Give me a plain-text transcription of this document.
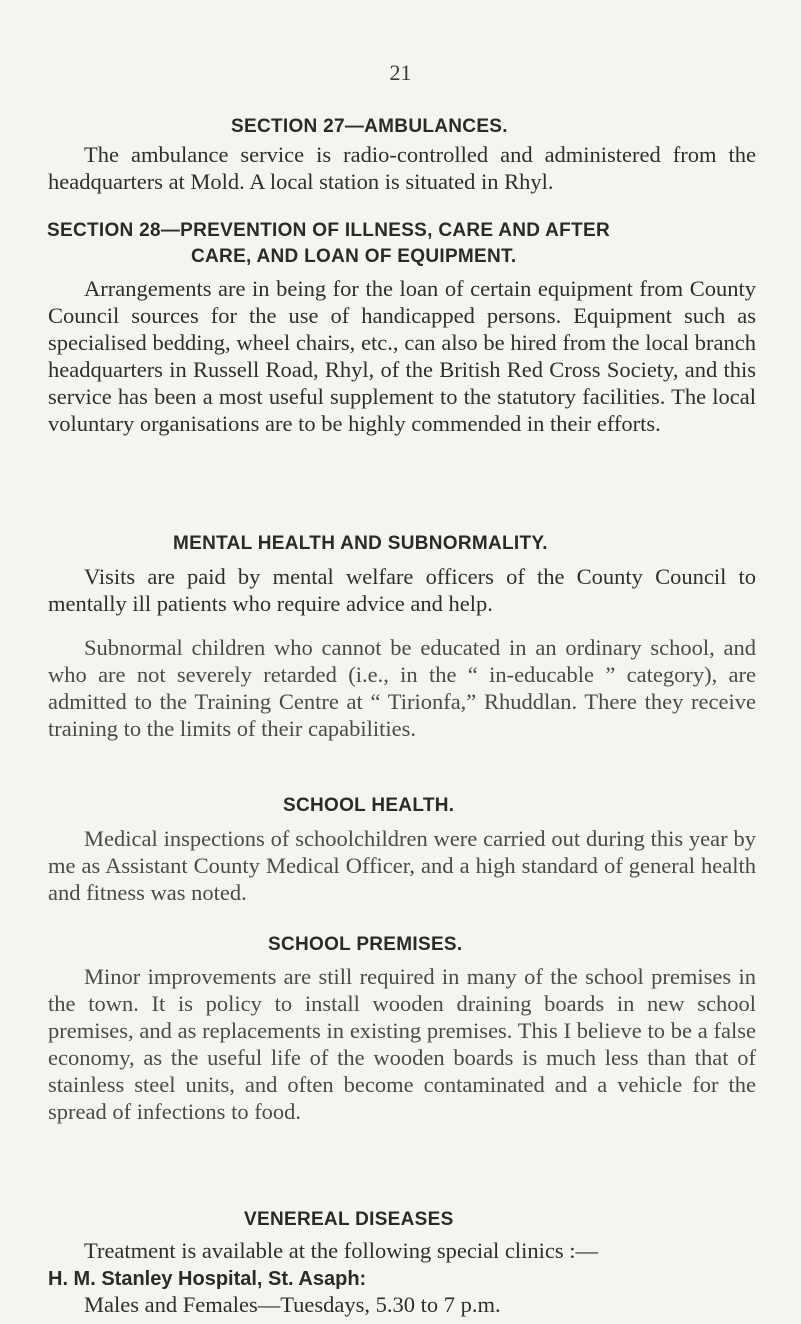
21
SECTION 27—AMBULANCES.
The ambulance service is radio-controlled and administered from the headquarters at Mold. A local station is situated in Rhyl.
SECTION 28—PREVENTION OF ILLNESS, CARE AND AFTER
CARE, AND LOAN OF EQUIPMENT.
Arrangements are in being for the loan of certain equipment from County Council sources for the use of handicapped persons. Equipment such as specialised bedding, wheel chairs, etc., can also be hired from the local branch headquarters in Russell Road, Rhyl, of the British Red Cross Society, and this service has been a most useful supplement to the statutory facilities. The local voluntary organisations are to be highly commended in their efforts.
MENTAL HEALTH AND SUBNORMALITY.
Visits are paid by mental welfare officers of the County Council to mentally ill patients who require advice and help.
Subnormal children who cannot be educated in an ordinary school, and who are not severely retarded (i.e., in the “ in-educable ” category), are admitted to the Training Centre at “ Tirionfa,” Rhuddlan. There they receive training to the limits of their capabilities.
SCHOOL HEALTH.
Medical inspections of schoolchildren were carried out during this year by me as Assistant County Medical Officer, and a high standard of general health and fitness was noted.
SCHOOL PREMISES.
Minor improvements are still required in many of the school premises in the town. It is policy to install wooden draining boards in new school premises, and as replacements in existing premises. This I believe to be a false economy, as the useful life of the wooden boards is much less than that of stainless steel units, and often become contaminated and a vehicle for the spread of infections to food.
VENEREAL DISEASES
Treatment is available at the following special clinics :—
H. M. Stanley Hospital, St. Asaph:
Males and Females—Tuesdays, 5.30 to 7 p.m.
